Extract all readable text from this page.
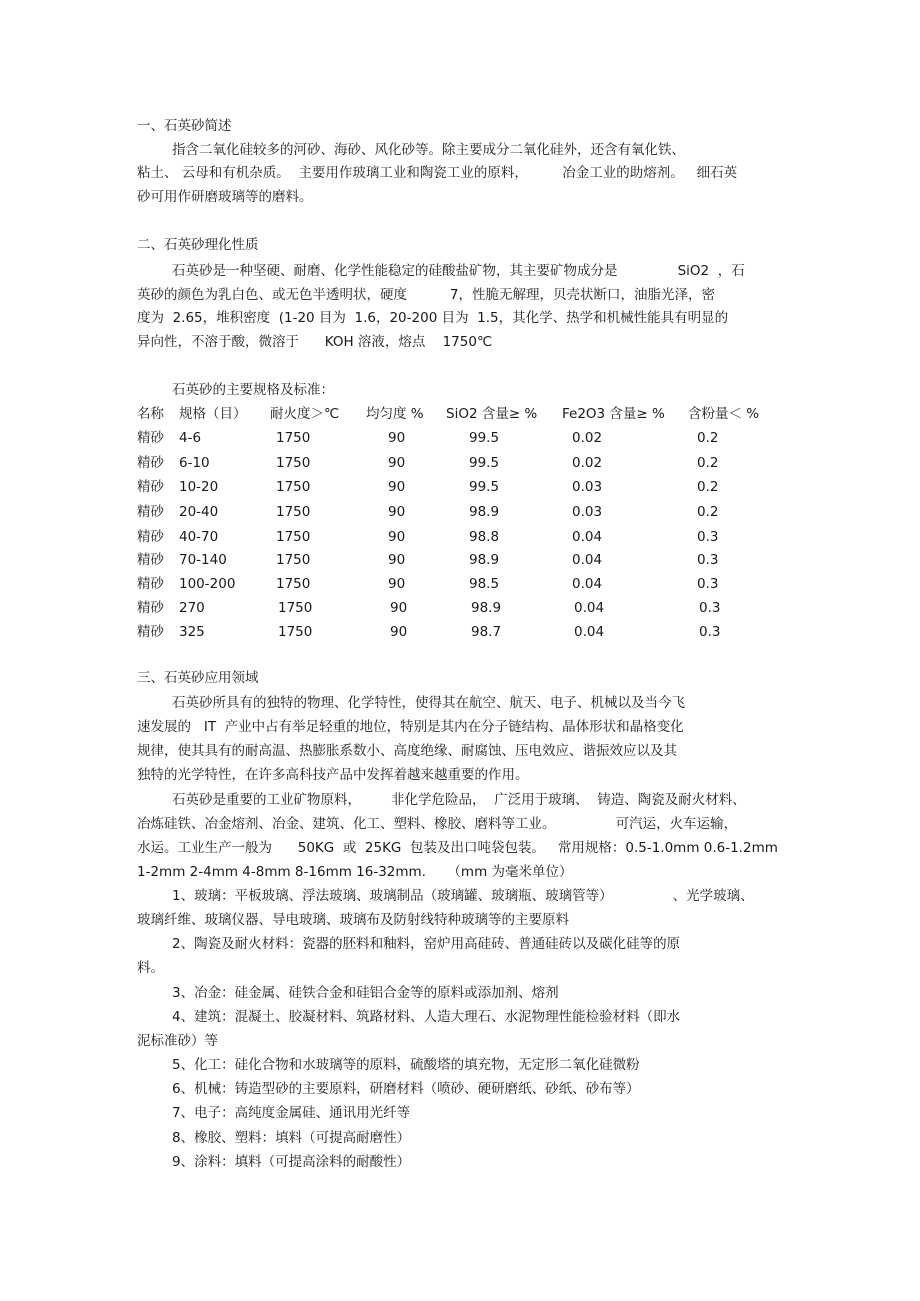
一、石英砂简述
指含二氧化硅较多的河砂、海砂、风化砂等。除主要成分二氧化硅外，还含有氧化铁、
粘土、 云母和有机杂质。  主要用作玻璃工业和陶瓷工业的原料，        冶金工业的助熔剂。   细石英
砂可用作研磨玻璃等的磨料。
二、石英砂理化性质
石英砂是一种坚硬、耐磨、化学性能稳定的硅酸盐矿物，其主要矿物成分是              SiO2  ，石
英砂的颜色为乳白色、或无色半透明状，硬度          7，性脆无解理，贝壳状断口，油脂光泽，密
度为  2.65，堆积密度  (1-20 目为  1.6，20-200 目为  1.5，其化学、热学和机械性能具有明显的
异向性，不溶于酸，微溶于      KOH 溶液，熔点    1750℃
石英砂的主要规格及标准：
名称 规格（目） 耐火度＞℃ 均匀度 % SiO2 含量≥ % Fe2O3 含量≥ % 含粉量＜ %
精砂 4-6	1750	90	99.5	0.02	0.2
精砂 6-10	1750	90	99.5	0.02	0.2
精砂 10-20	1750	90	99.5	0.03	0.2
精砂 20-40	1750	90	98.9	0.03	0.2
精砂 40-70	1750	90	98.8	0.04	0.3
精砂 70-140	1750	90	98.9	0.04	0.3
精砂 100-200	1750	90	98.5	0.04	0.3
精砂 270	1750	90	98.9	0.04	0.3
精砂 325	1750	90	98.7	0.04	0.3
三、石英砂应用领域
石英砂所具有的独特的物理、化学特性，使得其在航空、航天、电子、机械以及当今飞
速发展的   IT  产业中占有举足轻重的地位，特别是其内在分子链结构、晶体形状和晶格变化
规律，使其具有的耐高温、热膨胀系数小、高度绝缘、耐腐蚀、压电效应、谐振效应以及其
独特的光学特性，在许多高科技产品中发挥着越来越重要的作用。
石英砂是重要的工业矿物原料，       非化学危险品，  广泛用于玻璃、  铸造、陶瓷及耐火材料、
冶炼硅铁、冶金熔剂、冶金、建筑、化工、塑料、橡胶、磨料等工业。              可汽运，火车运输，
水运。工业生产一般为      50KG  或  25KG  包装及出口吨袋包装。   常用规格：0.5-1.0mm 0.6-1.2mm
1-2mm 2-4mm 4-8mm 8-16mm 16-32mm.     （mm 为毫米单位）
1、玻璃：平板玻璃、浮法玻璃、玻璃制品（玻璃罐、玻璃瓶、玻璃管等）              、光学玻璃、
玻璃纤维、玻璃仪器、导电玻璃、玻璃布及防射线特种玻璃等的主要原料
2、陶瓷及耐火材料：瓷器的胚料和釉料，窑炉用高硅砖、普通硅砖以及碳化硅等的原
料。
3、冶金：硅金属、硅铁合金和硅铝合金等的原料或添加剂、熔剂
4、建筑：混凝土、胶凝材料、筑路材料、人造大理石、水泥物理性能检验材料（即水
泥标准砂）等
5、化工：硅化合物和水玻璃等的原料，硫酸塔的填充物，无定形二氧化硅微粉
6、机械：铸造型砂的主要原料，研磨材料（喷砂、硬研磨纸、砂纸、砂布等）
7、电子：高纯度金属硅、通讯用光纤等
8、橡胶、塑料：填料（可提高耐磨性）
9、涂料：填料（可提高涂料的耐酸性）
